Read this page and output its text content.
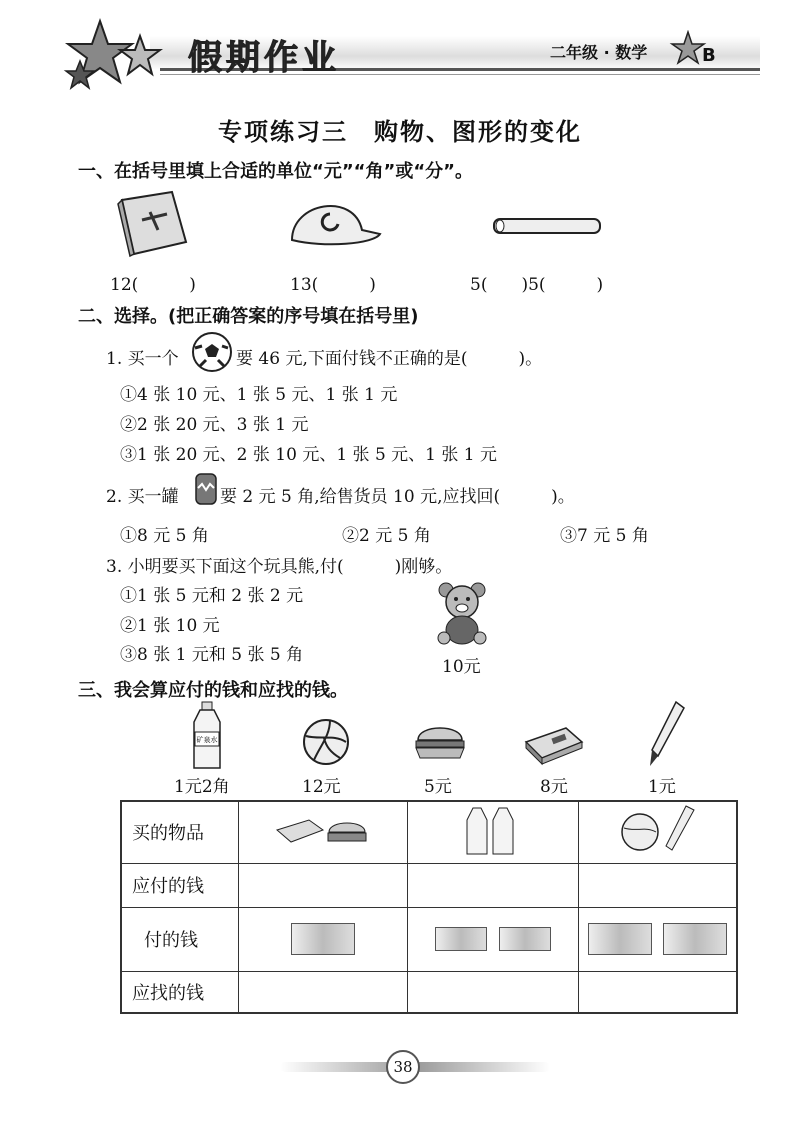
假期作业	二年级 · 数学	B
专项练习三　购物、图形的变化
一、在括号里填上合适的单位“元”“角”或“分”。
12(　　　)	13(　　　)	5(　　)5(　　　)
二、选择。(把正确答案的序号填在括号里)
1. 买一个	要 46 元,下面付钱不正确的是(　　　)。
①4 张 10 元、1 张 5 元、1 张 1 元
②2 张 20 元、3 张 1 元
③1 张 20 元、2 张 10 元、1 张 5 元、1 张 1 元
2. 买一罐 要 2 元 5 角,给售货员 10 元,应找回(　　　)。
①8 元 5 角	②2 元 5 角	③7 元 5 角
3. 小明要买下面这个玩具熊,付(　　　)刚够。
①1 张 5 元和 2 张 2 元
②1 张 10 元
③8 张 1 元和 5 张 5 角
10元
三、我会算应付的钱和应找的钱。
矿泉水
1元2角	12元	5元	8元	1元
买的物品			
应付的钱			
付的钱			
应找的钱			
38
